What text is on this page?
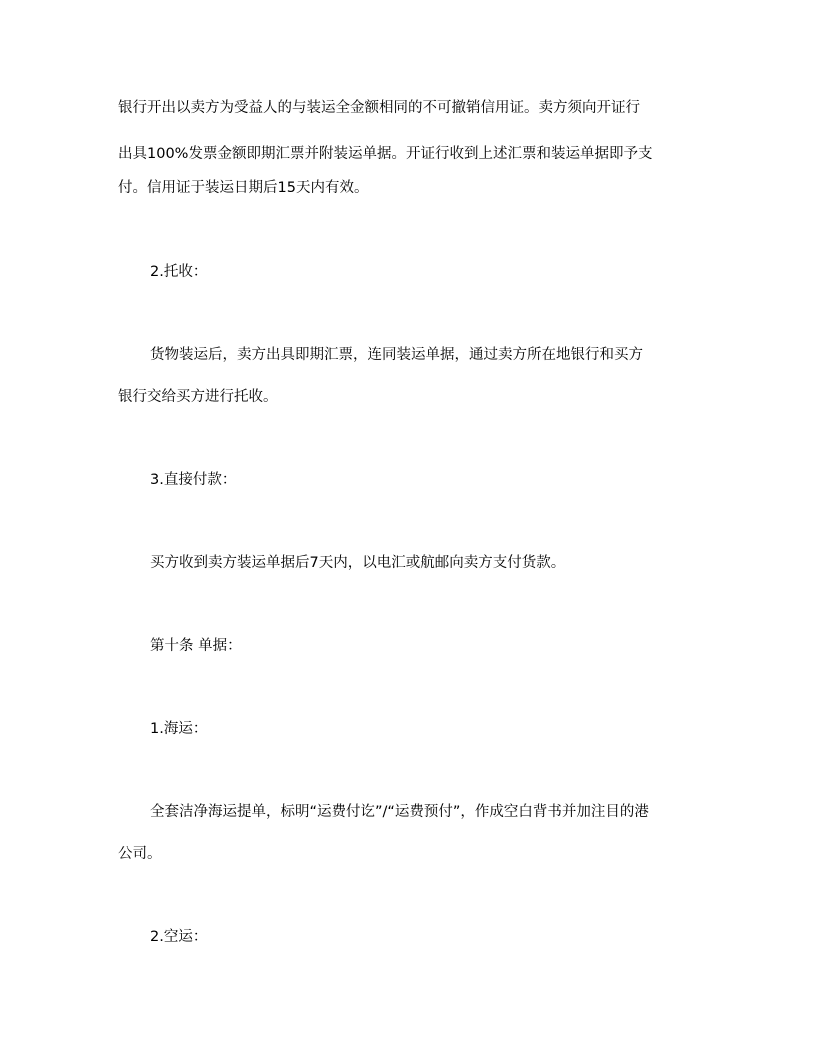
银行开出以卖方为受益人的与装运全金额相同的不可撤销信用证。卖方须向开证行
出具100%发票金额即期汇票并附装运单据。开证行收到上述汇票和装运单据即予支
付。信用证于装运日期后15天内有效。

2.托收：

货物装运后，卖方出具即期汇票，连同装运单据，通过卖方所在地银行和买方
银行交给买方进行托收。

3.直接付款：

买方收到卖方装运单据后7天内，以电汇或航邮向卖方支付货款。

第十条 单据：

1.海运：

全套洁净海运提单，标明“运费付讫”/“运费预付”，作成空白背书并加注目的港
公司。

2.空运：
